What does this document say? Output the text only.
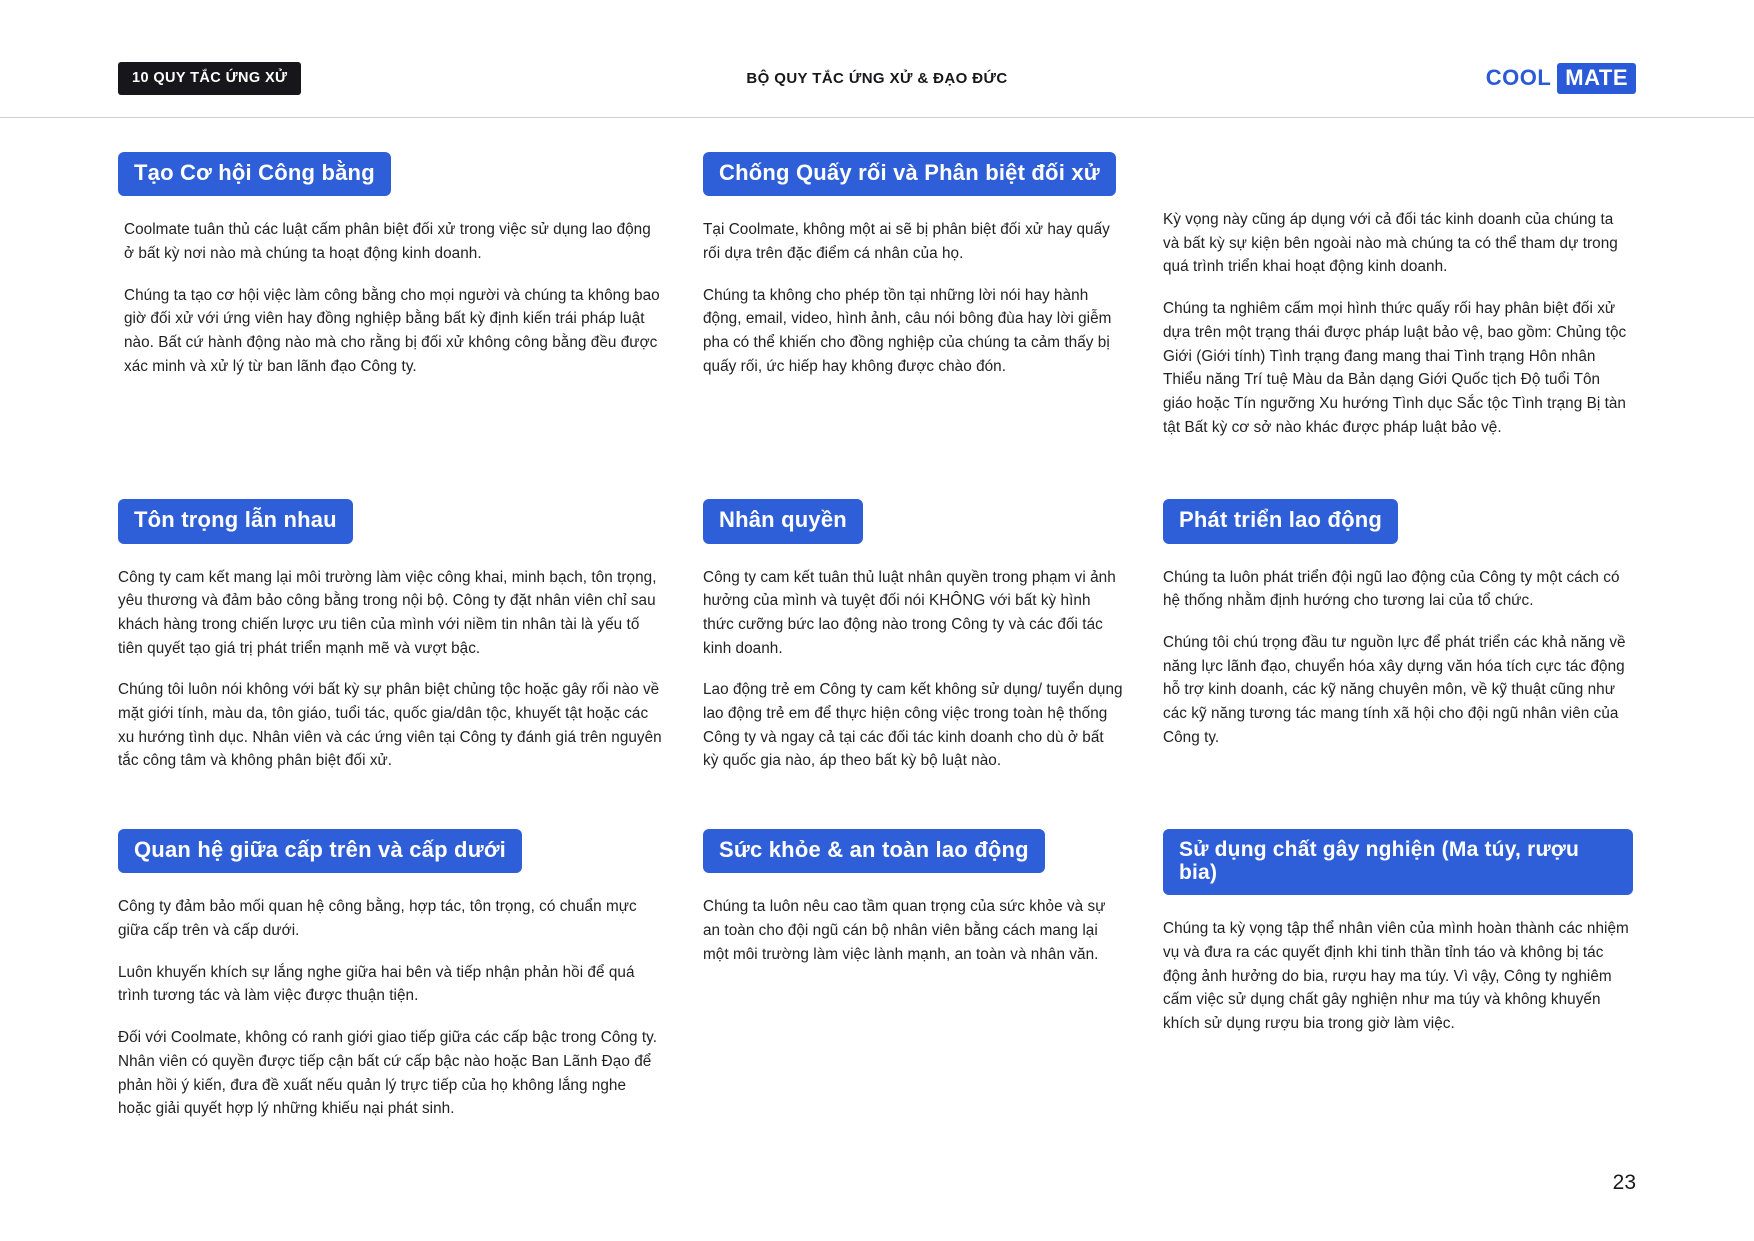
10 QUY TẮC ỨNG XỬ	BỘ QUY TẮC ỨNG XỬ & ĐẠO ĐỨC	COOL MATE
Tạo Cơ hội Công bằng

Coolmate tuân thủ các luật cấm phân biệt đối xử trong việc sử dụng lao động ở bất kỳ nơi nào mà chúng ta hoạt động kinh doanh.

Chúng ta tạo cơ hội việc làm công bằng cho mọi người và chúng ta không bao giờ đối xử với ứng viên hay đồng nghiệp bằng bất kỳ định kiến trái pháp luật nào. Bất cứ hành động nào mà cho rằng bị đối xử không công bằng đều được xác minh và xử lý từ ban lãnh đạo Công ty.

Chống Quấy rối và Phân biệt đối xử

Tại Coolmate, không một ai sẽ bị phân biệt đối xử hay quấy rối dựa trên đặc điểm cá nhân của họ.

Chúng ta không cho phép tồn tại những lời nói hay hành động, email, video, hình ảnh, câu nói bông đùa hay lời giễm pha có thể khiến cho đồng nghiệp của chúng ta cảm thấy bị quấy rối, ức hiếp hay không được chào đón.

Kỳ vọng này cũng áp dụng với cả đối tác kinh doanh của chúng ta và bất kỳ sự kiện bên ngoài nào mà chúng ta có thể tham dự trong quá trình triển khai hoạt động kinh doanh.

Chúng ta nghiêm cấm mọi hình thức quấy rối hay phân biệt đối xử dựa trên một trạng thái được pháp luật bảo vệ, bao gồm: Chủng tộc Giới (Giới tính) Tình trạng đang mang thai Tình trạng Hôn nhân Thiểu năng Trí tuệ Màu da Bản dạng Giới Quốc tịch Độ tuổi Tôn giáo hoặc Tín ngưỡng Xu hướng Tình dục Sắc tộc Tình trạng Bị tàn tật Bất kỳ cơ sở nào khác được pháp luật bảo vệ.

Tôn trọng lẫn nhau

Công ty cam kết mang lại môi trường làm việc công khai, minh bạch, tôn trọng, yêu thương và đảm bảo công bằng trong nội bộ. Công ty đặt nhân viên chỉ sau khách hàng trong chiến lược ưu tiên của mình với niềm tin nhân tài là yếu tố tiên quyết tạo giá trị phát triển mạnh mẽ và vượt bậc.

Chúng tôi luôn nói không với bất kỳ sự phân biệt chủng tộc hoặc gây rối nào về mặt giới tính, màu da, tôn giáo, tuổi tác, quốc gia/dân tộc, khuyết tật hoặc các xu hướng tình dục. Nhân viên và các ứng viên tại Công ty đánh giá trên nguyên tắc công tâm và không phân biệt đối xử.

Nhân quyền

Công ty cam kết tuân thủ luật nhân quyền trong phạm vi ảnh hưởng của mình và tuyệt đối nói KHÔNG với bất kỳ hình thức cưỡng bức lao động nào trong Công ty và các đối tác kinh doanh.

Lao động trẻ em Công ty cam kết không sử dụng/ tuyển dụng lao động trẻ em để thực hiện công việc trong toàn hệ thống Công ty và ngay cả tại các đối tác kinh doanh cho dù ở bất kỳ quốc gia nào, áp theo bất kỳ bộ luật nào.

Phát triển lao động

Chúng ta luôn phát triển đội ngũ lao động của Công ty một cách có hệ thống nhằm định hướng cho tương lai của tổ chức.

Chúng tôi chú trọng đầu tư nguồn lực để phát triển các khả năng về năng lực lãnh đạo, chuyển hóa xây dựng văn hóa tích cực tác động hỗ trợ kinh doanh, các kỹ năng chuyên môn, về kỹ thuật cũng như các kỹ năng tương tác mang tính xã hội cho đội ngũ nhân viên của Công ty.

Quan hệ giữa cấp trên và cấp dưới

Công ty đảm bảo mối quan hệ công bằng, hợp tác, tôn trọng, có chuẩn mực giữa cấp trên và cấp dưới.

Luôn khuyến khích sự lắng nghe giữa hai bên và tiếp nhận phản hồi để quá trình tương tác và làm việc được thuận tiện.

Đối với Coolmate, không có ranh giới giao tiếp giữa các cấp bậc trong Công ty. Nhân viên có quyền được tiếp cận bất cứ cấp bậc nào hoặc Ban Lãnh Đạo để phản hồi ý kiến, đưa đề xuất nếu quản lý trực tiếp của họ không lắng nghe hoặc giải quyết hợp lý những khiếu nại phát sinh.

Sức khỏe & an toàn lao động

Chúng ta luôn nêu cao tầm quan trọng của sức khỏe và sự an toàn cho đội ngũ cán bộ nhân viên bằng cách mang lại một môi trường làm việc lành mạnh, an toàn và nhân văn.

Sử dụng chất gây nghiện (Ma túy, rượu bia)

Chúng ta kỳ vọng tập thể nhân viên của mình hoàn thành các nhiệm vụ và đưa ra các quyết định khi tinh thần tỉnh táo và không bị tác động ảnh hưởng do bia, rượu hay ma túy. Vì vậy, Công ty nghiêm cấm việc sử dụng chất gây nghiện như ma túy và không khuyến khích sử dụng rượu bia trong giờ làm việc.

23
